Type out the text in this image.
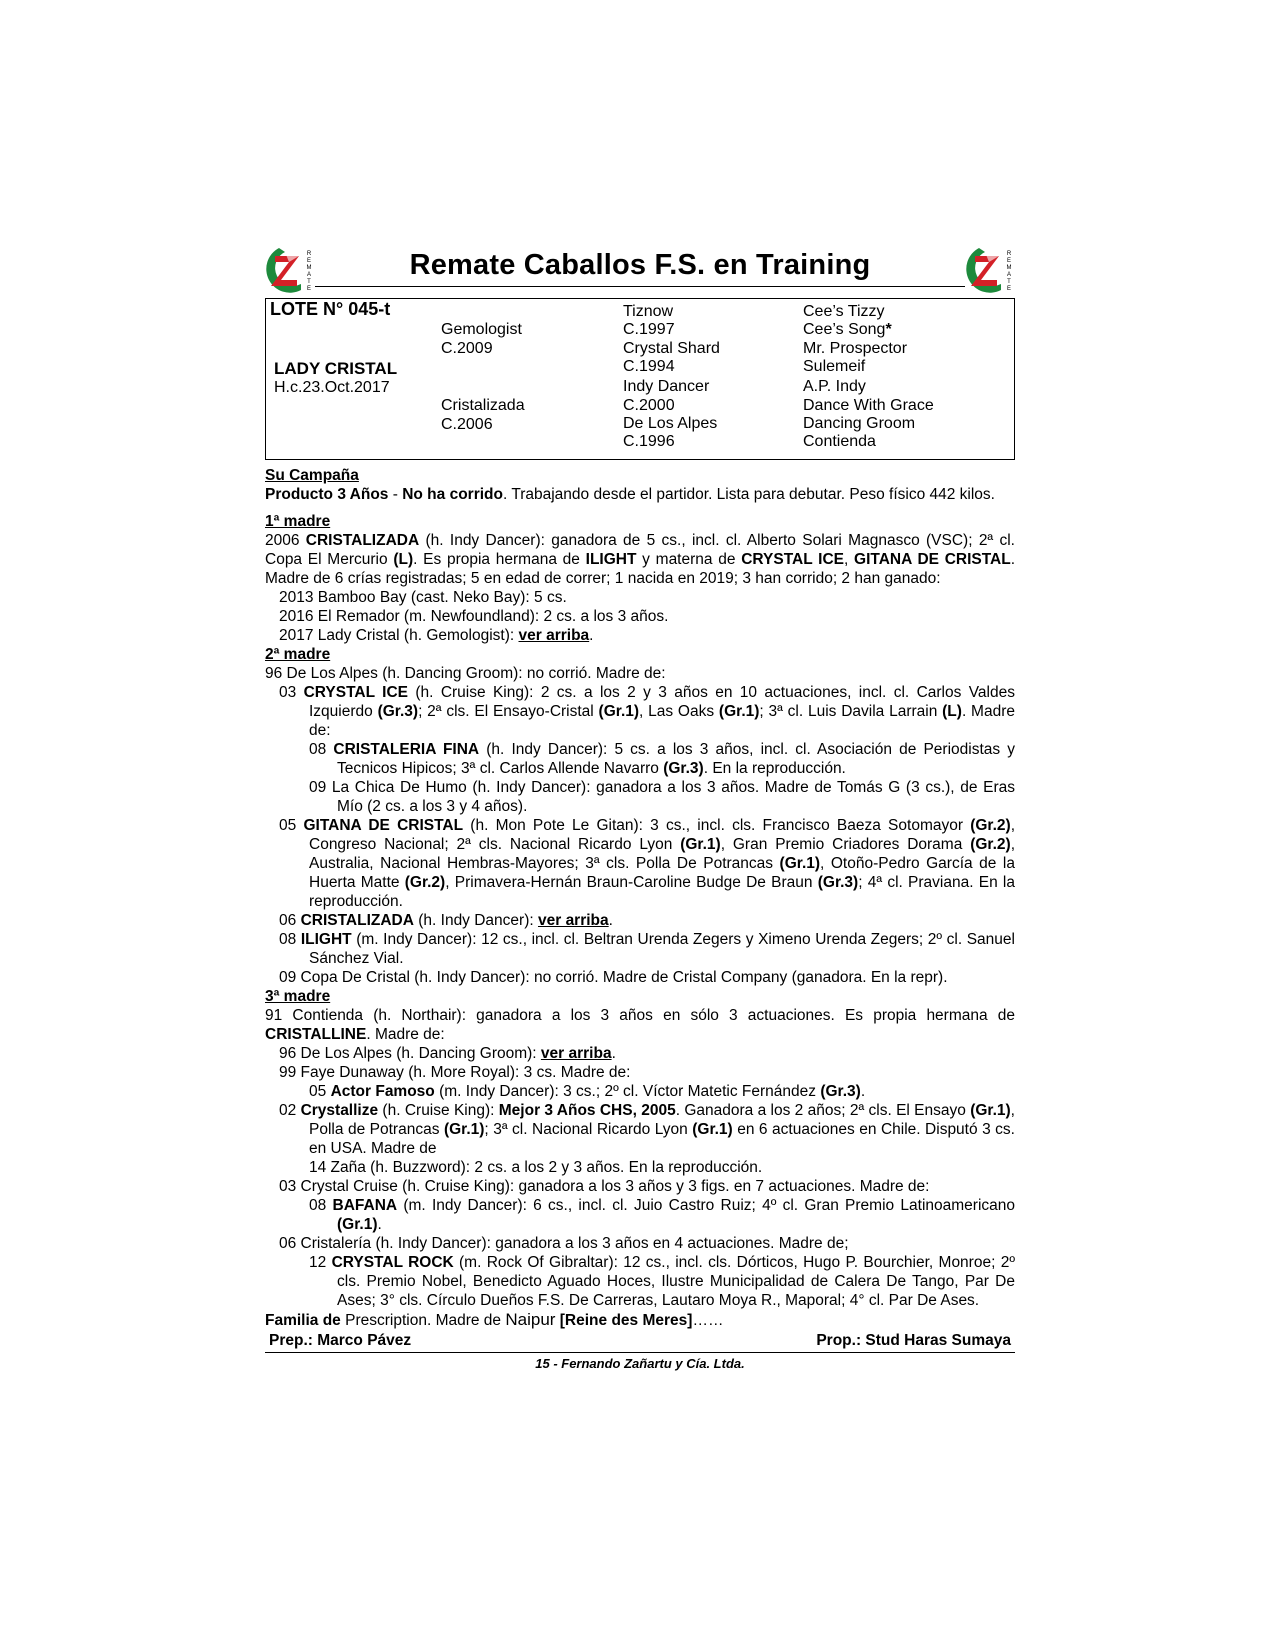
R
E
M
A
T
E
Remate Caballos F.S. en Training	R
E
M
A
T
E
LOTE N° 045-t
LADY CRISTAL
H.c.23.Oct.2017
Gemologist
C.2009
Cristalizada
C.2006
Tiznow
C.1997
Crystal Shard
C.1994
Indy Dancer
C.2000
De Los Alpes
C.1996
Cee’s Tizzy
Cee’s Song*
Mr. Prospector
Sulemeif
A.P. Indy
Dance With Grace
Dancing Groom
Contienda

Su Campaña

Producto 3 Años - No ha corrido. Trabajando desde el partidor. Lista para debutar. Peso físico 442 kilos.

1ª madre

2006 CRISTALIZADA (h. Indy Dancer): ganadora de 5 cs., incl. cl. Alberto Solari Magnasco (VSC); 2ª cl. Copa El Mercurio (L). Es propia hermana de ILIGHT y materna de CRYSTAL ICE, GITANA DE CRISTAL. Madre de 6 crías registradas; 5 en edad de correr; 1 nacida en 2019; 3 han corrido; 2 han ganado:

2013 Bamboo Bay (cast. Neko Bay): 5 cs.

2016 El Remador (m. Newfoundland): 2 cs. a los 3 años.

2017 Lady Cristal (h. Gemologist): ver arriba.

2ª madre

96 De Los Alpes (h. Dancing Groom): no corrió. Madre de:

03 CRYSTAL ICE (h. Cruise King): 2 cs. a los 2 y 3 años en 10 actuaciones, incl. cl. Carlos Valdes Izquierdo (Gr.3); 2ª cls. El Ensayo-Cristal (Gr.1), Las Oaks (Gr.1); 3ª cl. Luis Davila Larrain (L). Madre de:

08 CRISTALERIA FINA (h. Indy Dancer): 5 cs. a los 3 años, incl. cl. Asociación de Periodistas y Tecnicos Hipicos; 3ª cl. Carlos Allende Navarro (Gr.3). En la reproducción.

09 La Chica De Humo (h. Indy Dancer): ganadora a los 3 años. Madre de Tomás G (3 cs.), de Eras Mío (2 cs. a los 3 y 4 años).

05 GITANA DE CRISTAL (h. Mon Pote Le Gitan): 3 cs., incl. cls. Francisco Baeza Sotomayor (Gr.2), Congreso Nacional; 2ª cls. Nacional Ricardo Lyon (Gr.1), Gran Premio Criadores Dorama (Gr.2), Australia, Nacional Hembras-Mayores; 3ª cls. Polla De Potrancas (Gr.1), Otoño-Pedro García de la Huerta Matte (Gr.2), Primavera-Hernán Braun-Caroline Budge De Braun (Gr.3); 4ª cl. Praviana. En la reproducción.

06 CRISTALIZADA (h. Indy Dancer): ver arriba.

08 ILIGHT (m. Indy Dancer): 12 cs., incl. cl. Beltran Urenda Zegers y Ximeno Urenda Zegers; 2º cl. Sanuel Sánchez Vial.

09 Copa De Cristal (h. Indy Dancer): no corrió. Madre de Cristal Company (ganadora. En la repr).

3ª madre

91 Contienda (h. Northair): ganadora a los 3 años en sólo 3 actuaciones. Es propia hermana de CRISTALLINE. Madre de:

96 De Los Alpes (h. Dancing Groom): ver arriba.

99 Faye Dunaway (h. More Royal): 3 cs. Madre de:

05 Actor Famoso (m. Indy Dancer): 3 cs.; 2º cl. Víctor Matetic Fernández (Gr.3).

02 Crystallize (h. Cruise King): Mejor 3 Años CHS, 2005. Ganadora a los 2 años; 2ª cls. El Ensayo (Gr.1), Polla de Potrancas (Gr.1); 3ª cl. Nacional Ricardo Lyon (Gr.1) en 6 actuaciones en Chile. Disputó 3 cs. en USA. Madre de

14 Zaña (h. Buzzword): 2 cs. a los 2 y 3 años. En la reproducción.

03 Crystal Cruise (h. Cruise King): ganadora a los 3 años y 3 figs. en 7 actuaciones. Madre de:

08 BAFANA (m. Indy Dancer): 6 cs., incl. cl. Juio Castro Ruiz; 4º cl. Gran Premio Latinoamericano (Gr.1).

06 Cristalería (h. Indy Dancer): ganadora a los 3 años en 4 actuaciones. Madre de;

12 CRYSTAL ROCK (m. Rock Of Gibraltar): 12 cs., incl. cls. Dórticos, Hugo P. Bourchier, Monroe; 2º cls. Premio Nobel, Benedicto Aguado Hoces, Ilustre Municipalidad de Calera De Tango, Par De Ases; 3° cls. Círculo Dueños F.S. De Carreras, Lautaro Moya R., Maporal; 4° cl. Par De Ases.

Familia de Prescription. Madre de Naipur [Reine des Meres]……

Prep.: Marco Pávez	Prop.: Stud Haras Sumaya
15 - Fernando Zañartu y Cía. Ltda.
